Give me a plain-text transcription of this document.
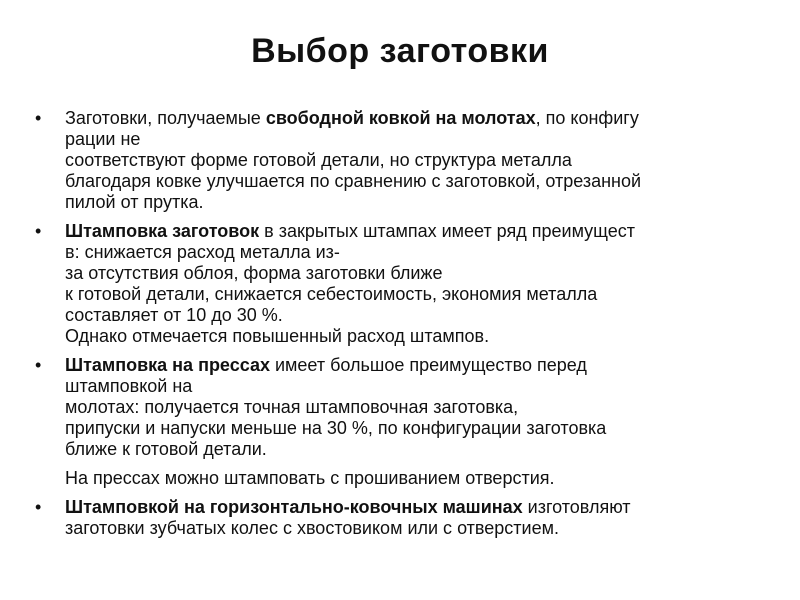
Выбор заготовки
• Заготовки, получаемые свободной ковкой на молотах, по конфигу
рации не
соответствуют форме готовой детали, но структура металла
благодаря ковке улучшается по сравнению с заготовкой, отрезанной
пилой от прутка.
• Штамповка заготовок в закрытых штампах имеет ряд преимущест
в: снижается расход металла из-
за отсутствия облоя, форма заготовки ближе
к готовой детали, снижается себестоимость, экономия металла
составляет от 10 до 30 %.
Однако отмечается повышенный расход штампов.
• Штамповка на прессах имеет большое преимущество перед
штамповкой на
молотах: получается точная штамповочная заготовка,
припуски и напуски меньше на 30 %, по конфигурации заготовка
ближе к готовой детали.
На прессах можно штамповать с прошиванием отверстия.
• Штамповкой на горизонтально-ковочных машинах изготовляют
заготовки зубчатых колес с хвостовиком или с отверстием.
